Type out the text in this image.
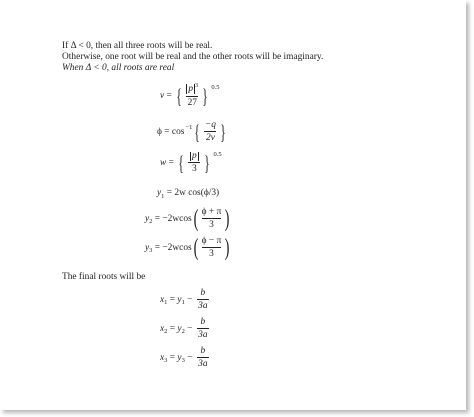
If Δ < 0, then all three roots will be real.
Otherwise, one root will be real and the other roots will be imaginary.
When Δ < 0, all roots are real
v = { $\frac{p ^3}{27}$ } 0.5
ϕ = cos −1 { $\frac{-q}{2v}$ }
w = { $\frac{p}{3}$ } 0.5
y 1 = 2w cos(ϕ/3)
y 2 = −2w cos ( $\frac{\phi + \pi}{3}$ )
y 3 = −2w cos ( $\frac{\phi - \pi}{3}$ )
The final roots will be
x 1 = y $1 - \frac{b}{3a}$
x 2 = y $2 - \frac{b}{3a}$
x 3 = y $3 - \frac{b}{3a}$
